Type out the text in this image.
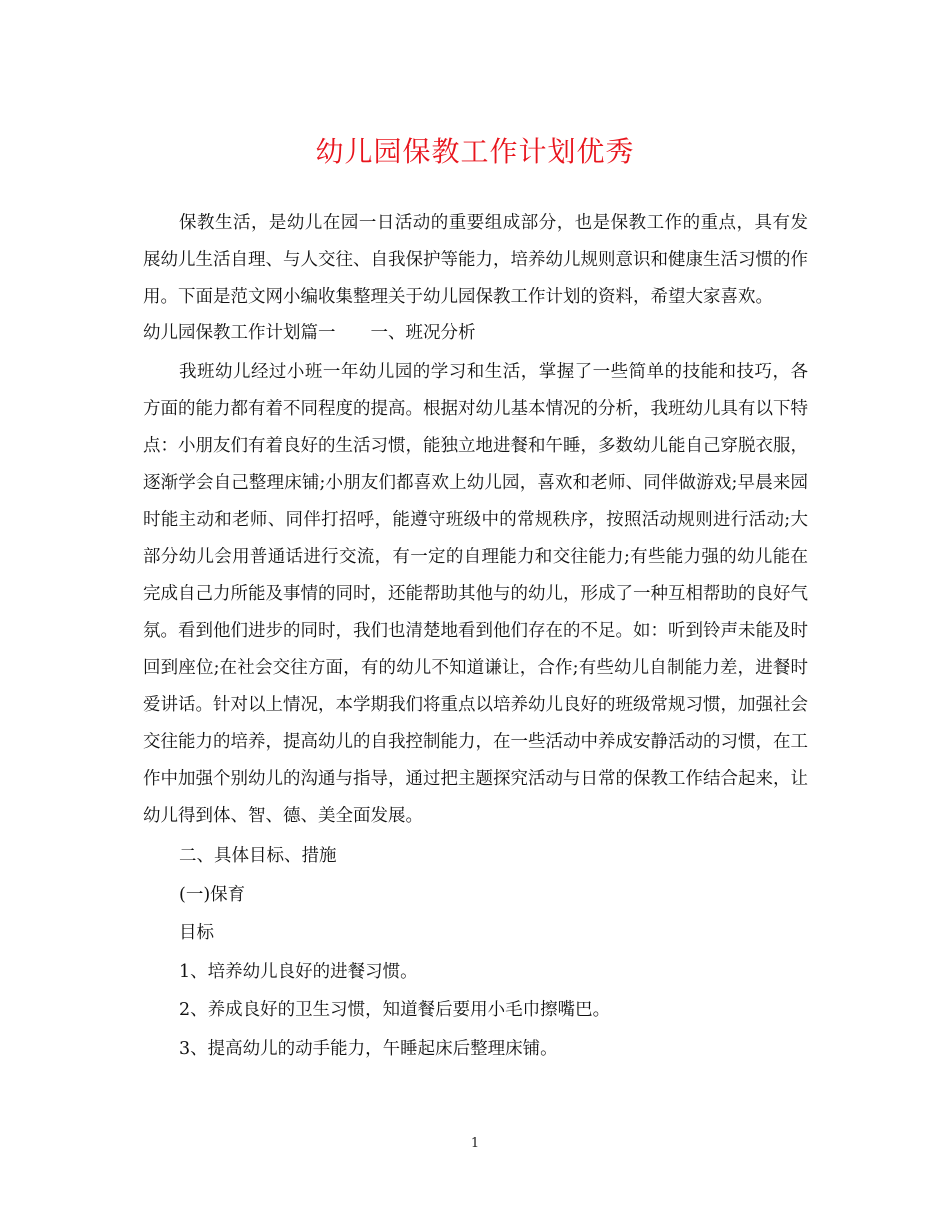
幼儿园保教工作计划优秀

保教生活，是幼儿在园一日活动的重要组成部分，也是保教工作的重点，具有发展幼儿生活自理、与人交往、自我保护等能力，培养幼儿规则意识和健康生活习惯的作用。下面是范文网小编收集整理关于幼儿园保教工作计划的资料，希望大家喜欢。

幼儿园保教工作计划篇一　　一、班况分析

我班幼儿经过小班一年幼儿园的学习和生活，掌握了一些简单的技能和技巧，各方面的能力都有着不同程度的提高。根据对幼儿基本情况的分析，我班幼儿具有以下特点：小朋友们有着良好的生活习惯，能独立地进餐和午睡，多数幼儿能自己穿脱衣服，逐渐学会自己整理床铺;小朋友们都喜欢上幼儿园，喜欢和老师、同伴做游戏;早晨来园时能主动和老师、同伴打招呼，能遵守班级中的常规秩序，按照活动规则进行活动;大部分幼儿会用普通话进行交流，有一定的自理能力和交往能力;有些能力强的幼儿能在完成自己力所能及事情的同时，还能帮助其他与的幼儿，形成了一种互相帮助的良好气氛。看到他们进步的同时，我们也清楚地看到他们存在的不足。如：听到铃声未能及时回到座位;在社会交往方面，有的幼儿不知道谦让，合作;有些幼儿自制能力差，进餐时爱讲话。针对以上情况，本学期我们将重点以培养幼儿良好的班级常规习惯，加强社会交往能力的培养，提高幼儿的自我控制能力，在一些活动中养成安静活动的习惯，在工作中加强个别幼儿的沟通与指导，通过把主题探究活动与日常的保教工作结合起来，让幼儿得到体、智、德、美全面发展。

二、具体目标、措施

(一)保育

目标

1、培养幼儿良好的进餐习惯。

2、养成良好的卫生习惯，知道餐后要用小毛巾擦嘴巴。

3、提高幼儿的动手能力，午睡起床后整理床铺。

1
